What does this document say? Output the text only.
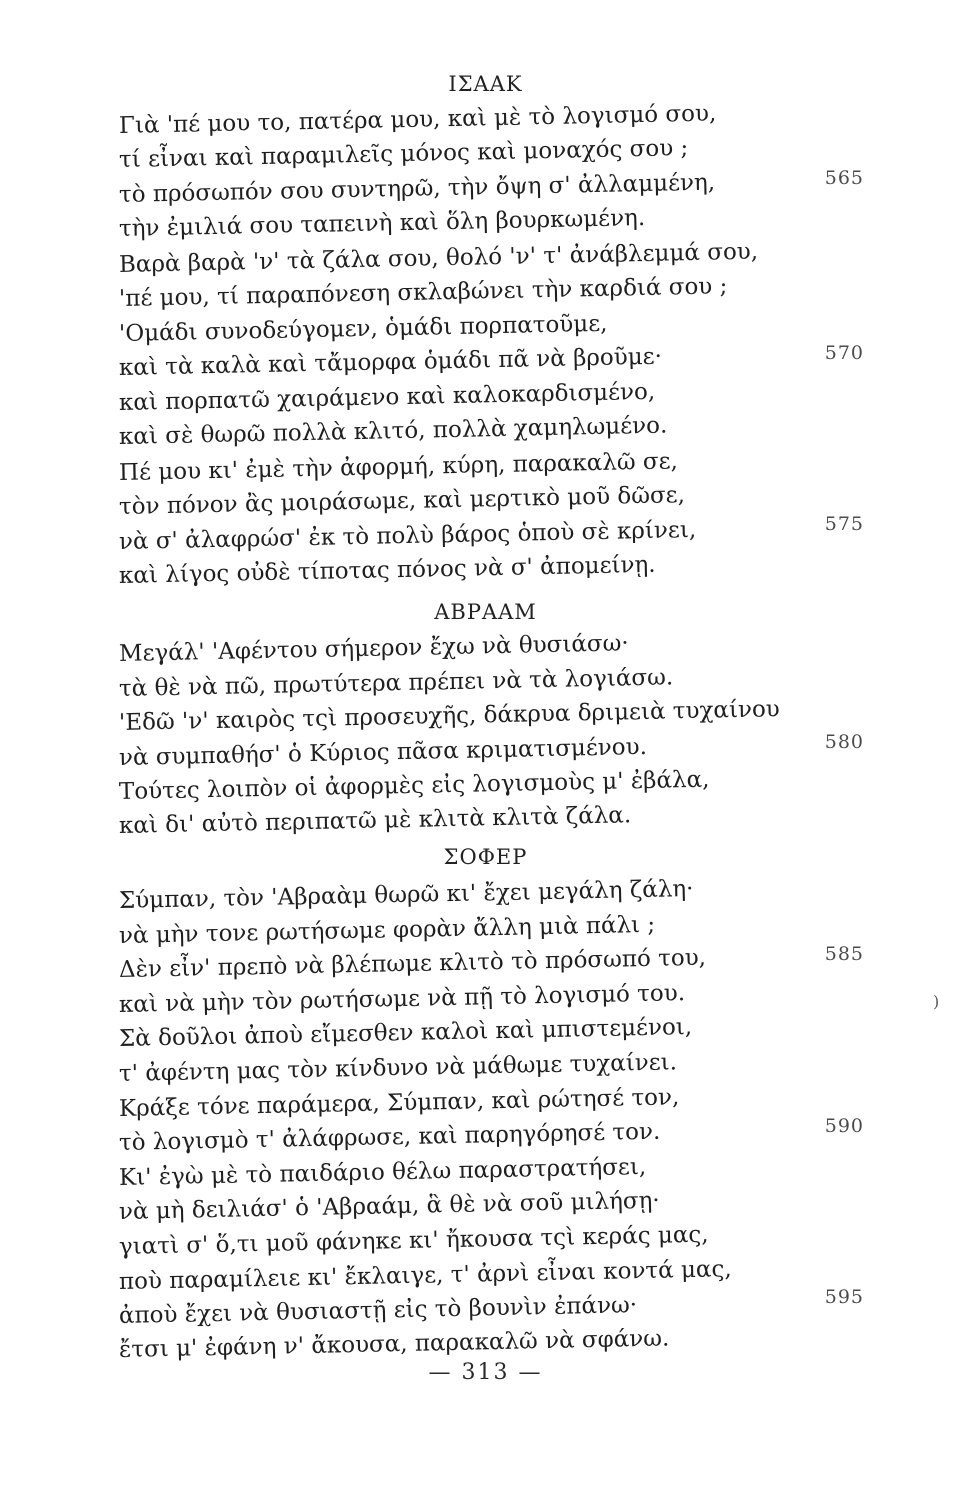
ΙΣΑΑΚ
Γιὰ 'πέ μου το, πατέρα μου, καὶ μὲ τὸ λογισμό σου,
τί εἶναι καὶ παραμιλεῖς μόνος καὶ μοναχός σου ;
τὸ πρόσωπόν σου συντηρῶ, τὴν ὄψη σ' ἀλλαμμένη,
τὴν ἐμιλιά σου ταπεινὴ καὶ ὅλη βουρκωμένη.
Βαρὰ βαρὰ 'ν' τὰ ζάλα σου, θολό 'ν' τ' ἀνάβλεμμά σου,
'πέ μου, τί παραπόνεση σκλαβώνει τὴν καρδιά σου ;
'Ομάδι συνοδεύγομεν, ὁμάδι πορπατοῦμε,
καὶ τὰ καλὰ καὶ τἄμορφα ὁμάδι πᾶ νὰ βροῦμε·
καὶ πορπατῶ χαιράμενο καὶ καλοκαρδισμένο,
καὶ σὲ θωρῶ πολλὰ κλιτό, πολλὰ χαμηλωμένο.
Πέ μου κι' ἐμὲ τὴν ἀφορμή, κύρη, παρακαλῶ σε,
τὸν πόνον ἂς μοιράσωμε, καὶ μερτικὸ μοῦ δῶσε,
νὰ σ' ἀλαφρώσ' ἐκ τὸ πολὺ βάρος ὁποὺ σὲ κρίνει,
καὶ λίγος οὐδὲ τίποτας πόνος νὰ σ' ἀπομείνῃ.
ΑΒΡΑΑΜ
Μεγάλ' 'Αφέντου σήμερον ἔχω νὰ θυσιάσω·
τὰ θὲ νὰ πῶ, πρωτύτερα πρέπει νὰ τὰ λογιάσω.
'Εδῶ 'ν' καιρὸς τςὶ προσευχῆς, δάκρυα δριμειὰ τυχαίνου
νὰ συμπαθήσ' ὁ Κύριος πᾶσα κριματισμένου.
Τούτες λοιπὸν οἱ ἀφορμὲς εἰς λογισμοὺς μ' ἐβάλα,
καὶ δι' αὐτὸ περιπατῶ μὲ κλιτὰ κλιτὰ ζάλα.
ΣΟΦΕΡ
Σύμπαν, τὸν 'Αβραὰμ θωρῶ κι' ἔχει μεγάλη ζάλη·
νὰ μὴν τονε ρωτήσωμε φορὰν ἄλλη μιὰ πάλι ;
Δὲν εἶν' πρεπὸ νὰ βλέπωμε κλιτὸ τὸ πρόσωπό του,
καὶ νὰ μὴν τὸν ρωτήσωμε νὰ πῇ τὸ λογισμό του.
Σὰ δοῦλοι ἀποὺ εἴμεσθεν καλοὶ καὶ μπιστεμένοι,
τ' ἀφέντη μας τὸν κίνδυνο νὰ μάθωμε τυχαίνει.
Κράξε τόνε παράμερα, Σύμπαν, καὶ ρώτησέ τον,
τὸ λογισμὸ τ' ἀλάφρωσε, καὶ παρηγόρησέ τον.
Κι' ἐγὼ μὲ τὸ παιδάριο θέλω παραστρατήσει,
νὰ μὴ δειλιάσ' ὁ 'Αβραάμ, ἃ θὲ νὰ σοῦ μιλήσῃ·
γιατὶ σ' ὅ,τι μοῦ φάνηκε κι' ἤκουσα τςὶ κεράς μας,
ποὺ παραμίλειε κι' ἔκλαιγε, τ' ἀρνὶ εἶναι κοντά μας,
ἀποὺ ἔχει νὰ θυσιαστῇ εἰς τὸ βουνὶν ἐπάνω·
ἔτσι μ' ἐφάνη ν' ἄκουσα, παρακαλῶ νὰ σφάνω.
565
570
575
580
585
590
595
)
— 313 —
